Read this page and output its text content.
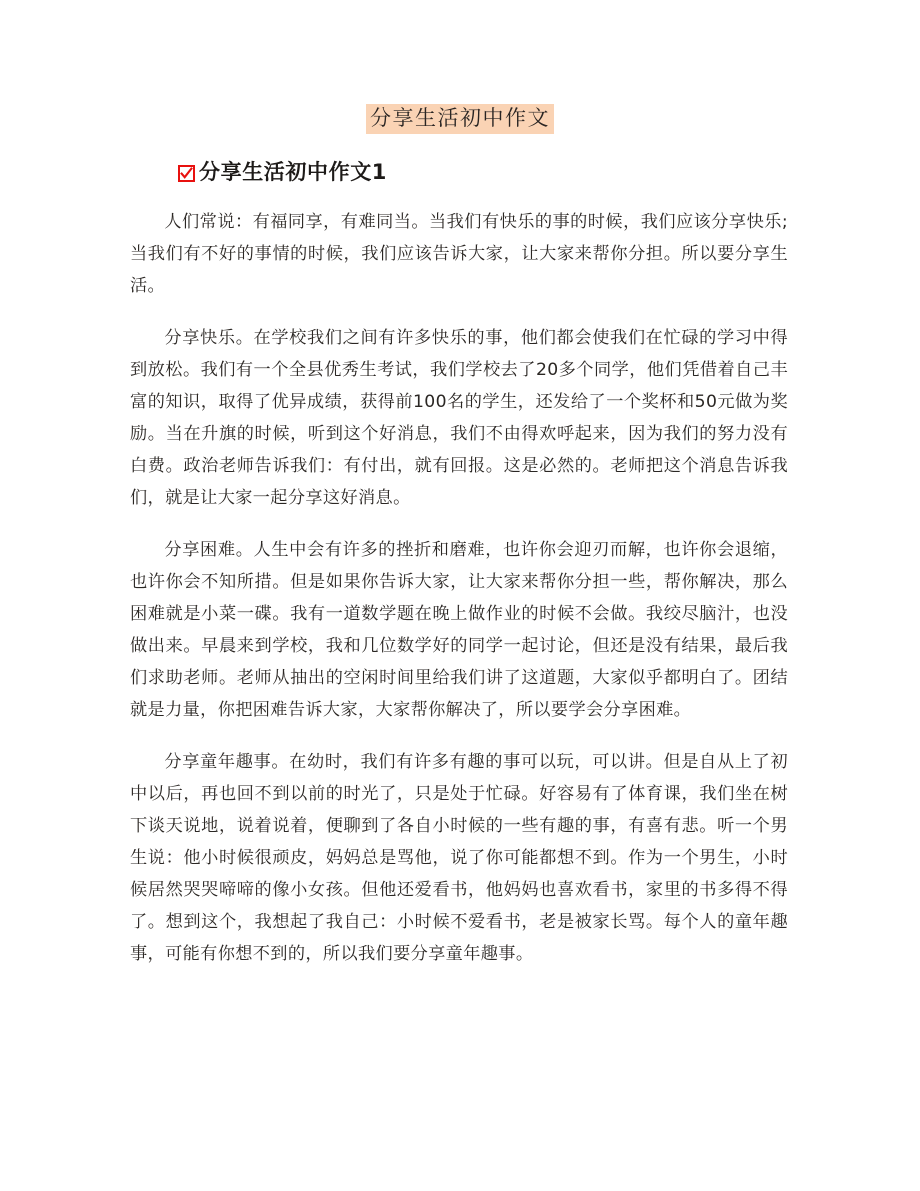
分享生活初中作文
分享生活初中作文1

人们常说：有福同享，有难同当。当我们有快乐的事的时候，我们应该分享快乐;当我们有不好的事情的时候，我们应该告诉大家，让大家来帮你分担。所以要分享生活。

分享快乐。在学校我们之间有许多快乐的事，他们都会使我们在忙碌的学习中得到放松。我们有一个全县优秀生考试，我们学校去了20多个同学，他们凭借着自己丰富的知识，取得了优异成绩，获得前100名的学生，还发给了一个奖杯和50元做为奖励。当在升旗的时候，听到这个好消息，我们不由得欢呼起来，因为我们的努力没有白费。政治老师告诉我们：有付出，就有回报。这是必然的。老师把这个消息告诉我们，就是让大家一起分享这好消息。

分享困难。人生中会有许多的挫折和磨难，也许你会迎刃而解，也许你会退缩，也许你会不知所措。但是如果你告诉大家，让大家来帮你分担一些，帮你解决，那么困难就是小菜一碟。我有一道数学题在晚上做作业的时候不会做。我绞尽脑汁，也没做出来。早晨来到学校，我和几位数学好的同学一起讨论，但还是没有结果，最后我们求助老师。老师从抽出的空闲时间里给我们讲了这道题，大家似乎都明白了。团结就是力量，你把困难告诉大家，大家帮你解决了，所以要学会分享困难。

分享童年趣事。在幼时，我们有许多有趣的事可以玩，可以讲。但是自从上了初中以后，再也回不到以前的时光了，只是处于忙碌。好容易有了体育课，我们坐在树下谈天说地，说着说着，便聊到了各自小时候的一些有趣的事，有喜有悲。听一个男生说：他小时候很顽皮，妈妈总是骂他，说了你可能都想不到。作为一个男生，小时候居然哭哭啼啼的像小女孩。但他还爱看书，他妈妈也喜欢看书，家里的书多得不得了。想到这个，我想起了我自己：小时候不爱看书，老是被家长骂。每个人的童年趣事，可能有你想不到的，所以我们要分享童年趣事。
